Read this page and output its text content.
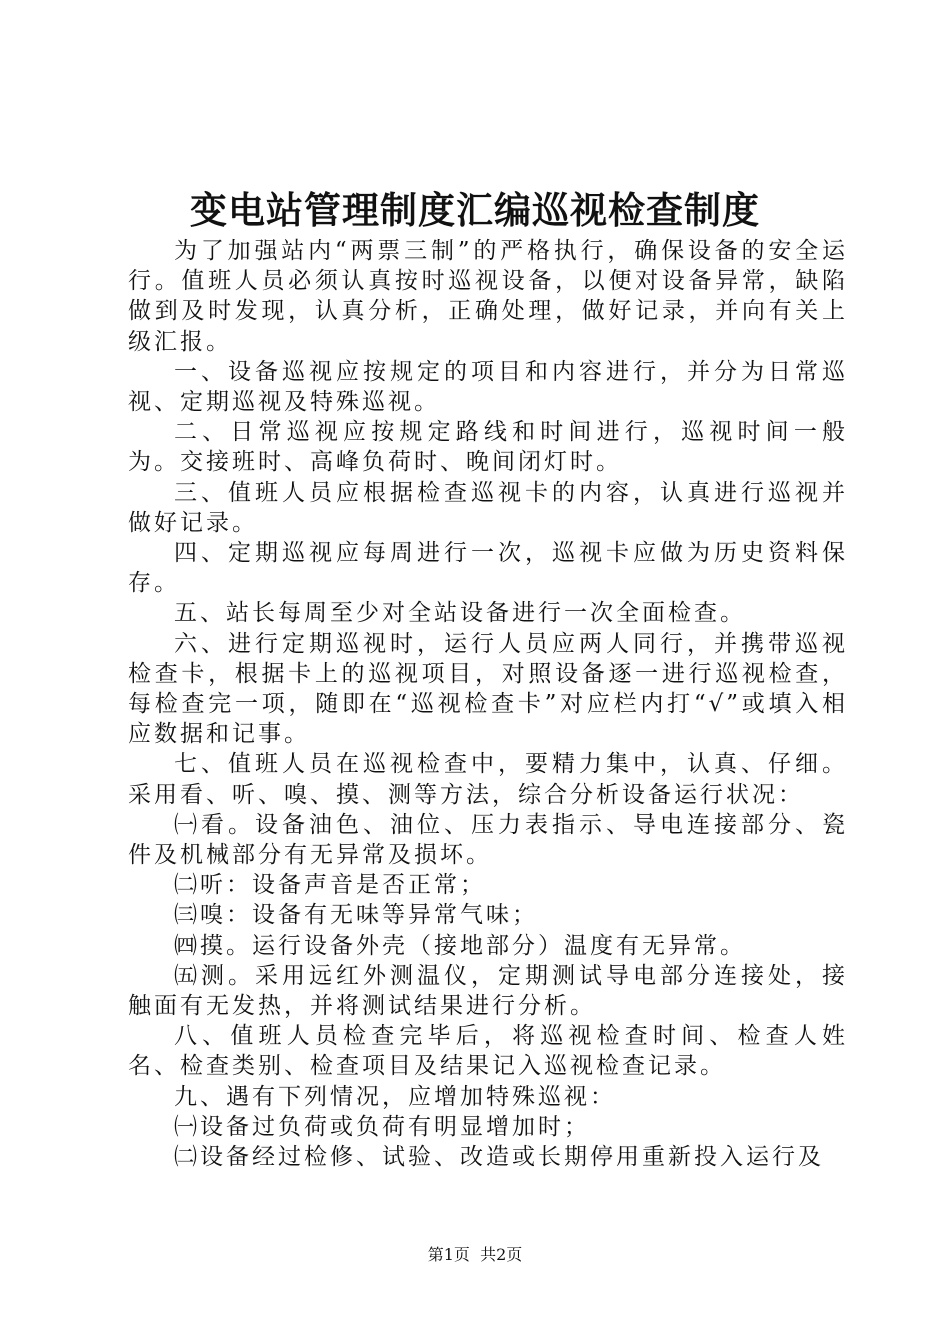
变电站管理制度汇编巡视检查制度

为了加强站内“两票三制”的严格执行，确保设备的安全运行。值班人员必须认真按时巡视设备，以便对设备异常，缺陷做到及时发现，认真分析，正确处理，做好记录，并向有关上级汇报。

一、设备巡视应按规定的项目和内容进行，并分为日常巡视、定期巡视及特殊巡视。

二、日常巡视应按规定路线和时间进行，巡视时间一般为。交接班时、高峰负荷时、晚间闭灯时。

三、值班人员应根据检查巡视卡的内容，认真进行巡视并做好记录。

四、定期巡视应每周进行一次，巡视卡应做为历史资料保存。

五、站长每周至少对全站设备进行一次全面检查。

六、进行定期巡视时，运行人员应两人同行，并携带巡视检查卡，根据卡上的巡视项目，对照设备逐一进行巡视检查，每检查完一项，随即在“巡视检查卡”对应栏内打“√”或填入相应数据和记事。

七、值班人员在巡视检查中，要精力集中，认真、仔细。采用看、听、嗅、摸、测等方法，综合分析设备运行状况：

㈠看。设备油色、油位、压力表指示、导电连接部分、瓷件及机械部分有无异常及损坏。

㈡听：设备声音是否正常；

㈢嗅：设备有无味等异常气味；

㈣摸。运行设备外壳（接地部分）温度有无异常。

㈤测。采用远红外测温仪，定期测试导电部分连接处，接触面有无发热，并将测试结果进行分析。

八、值班人员检查完毕后，将巡视检查时间、检查人姓名、检查类别、检查项目及结果记入巡视检查记录。

九、遇有下列情况，应增加特殊巡视：

㈠设备过负荷或负荷有明显增加时；

㈡设备经过检修、试验、改造或长期停用重新投入运行及

第1页 共2页
